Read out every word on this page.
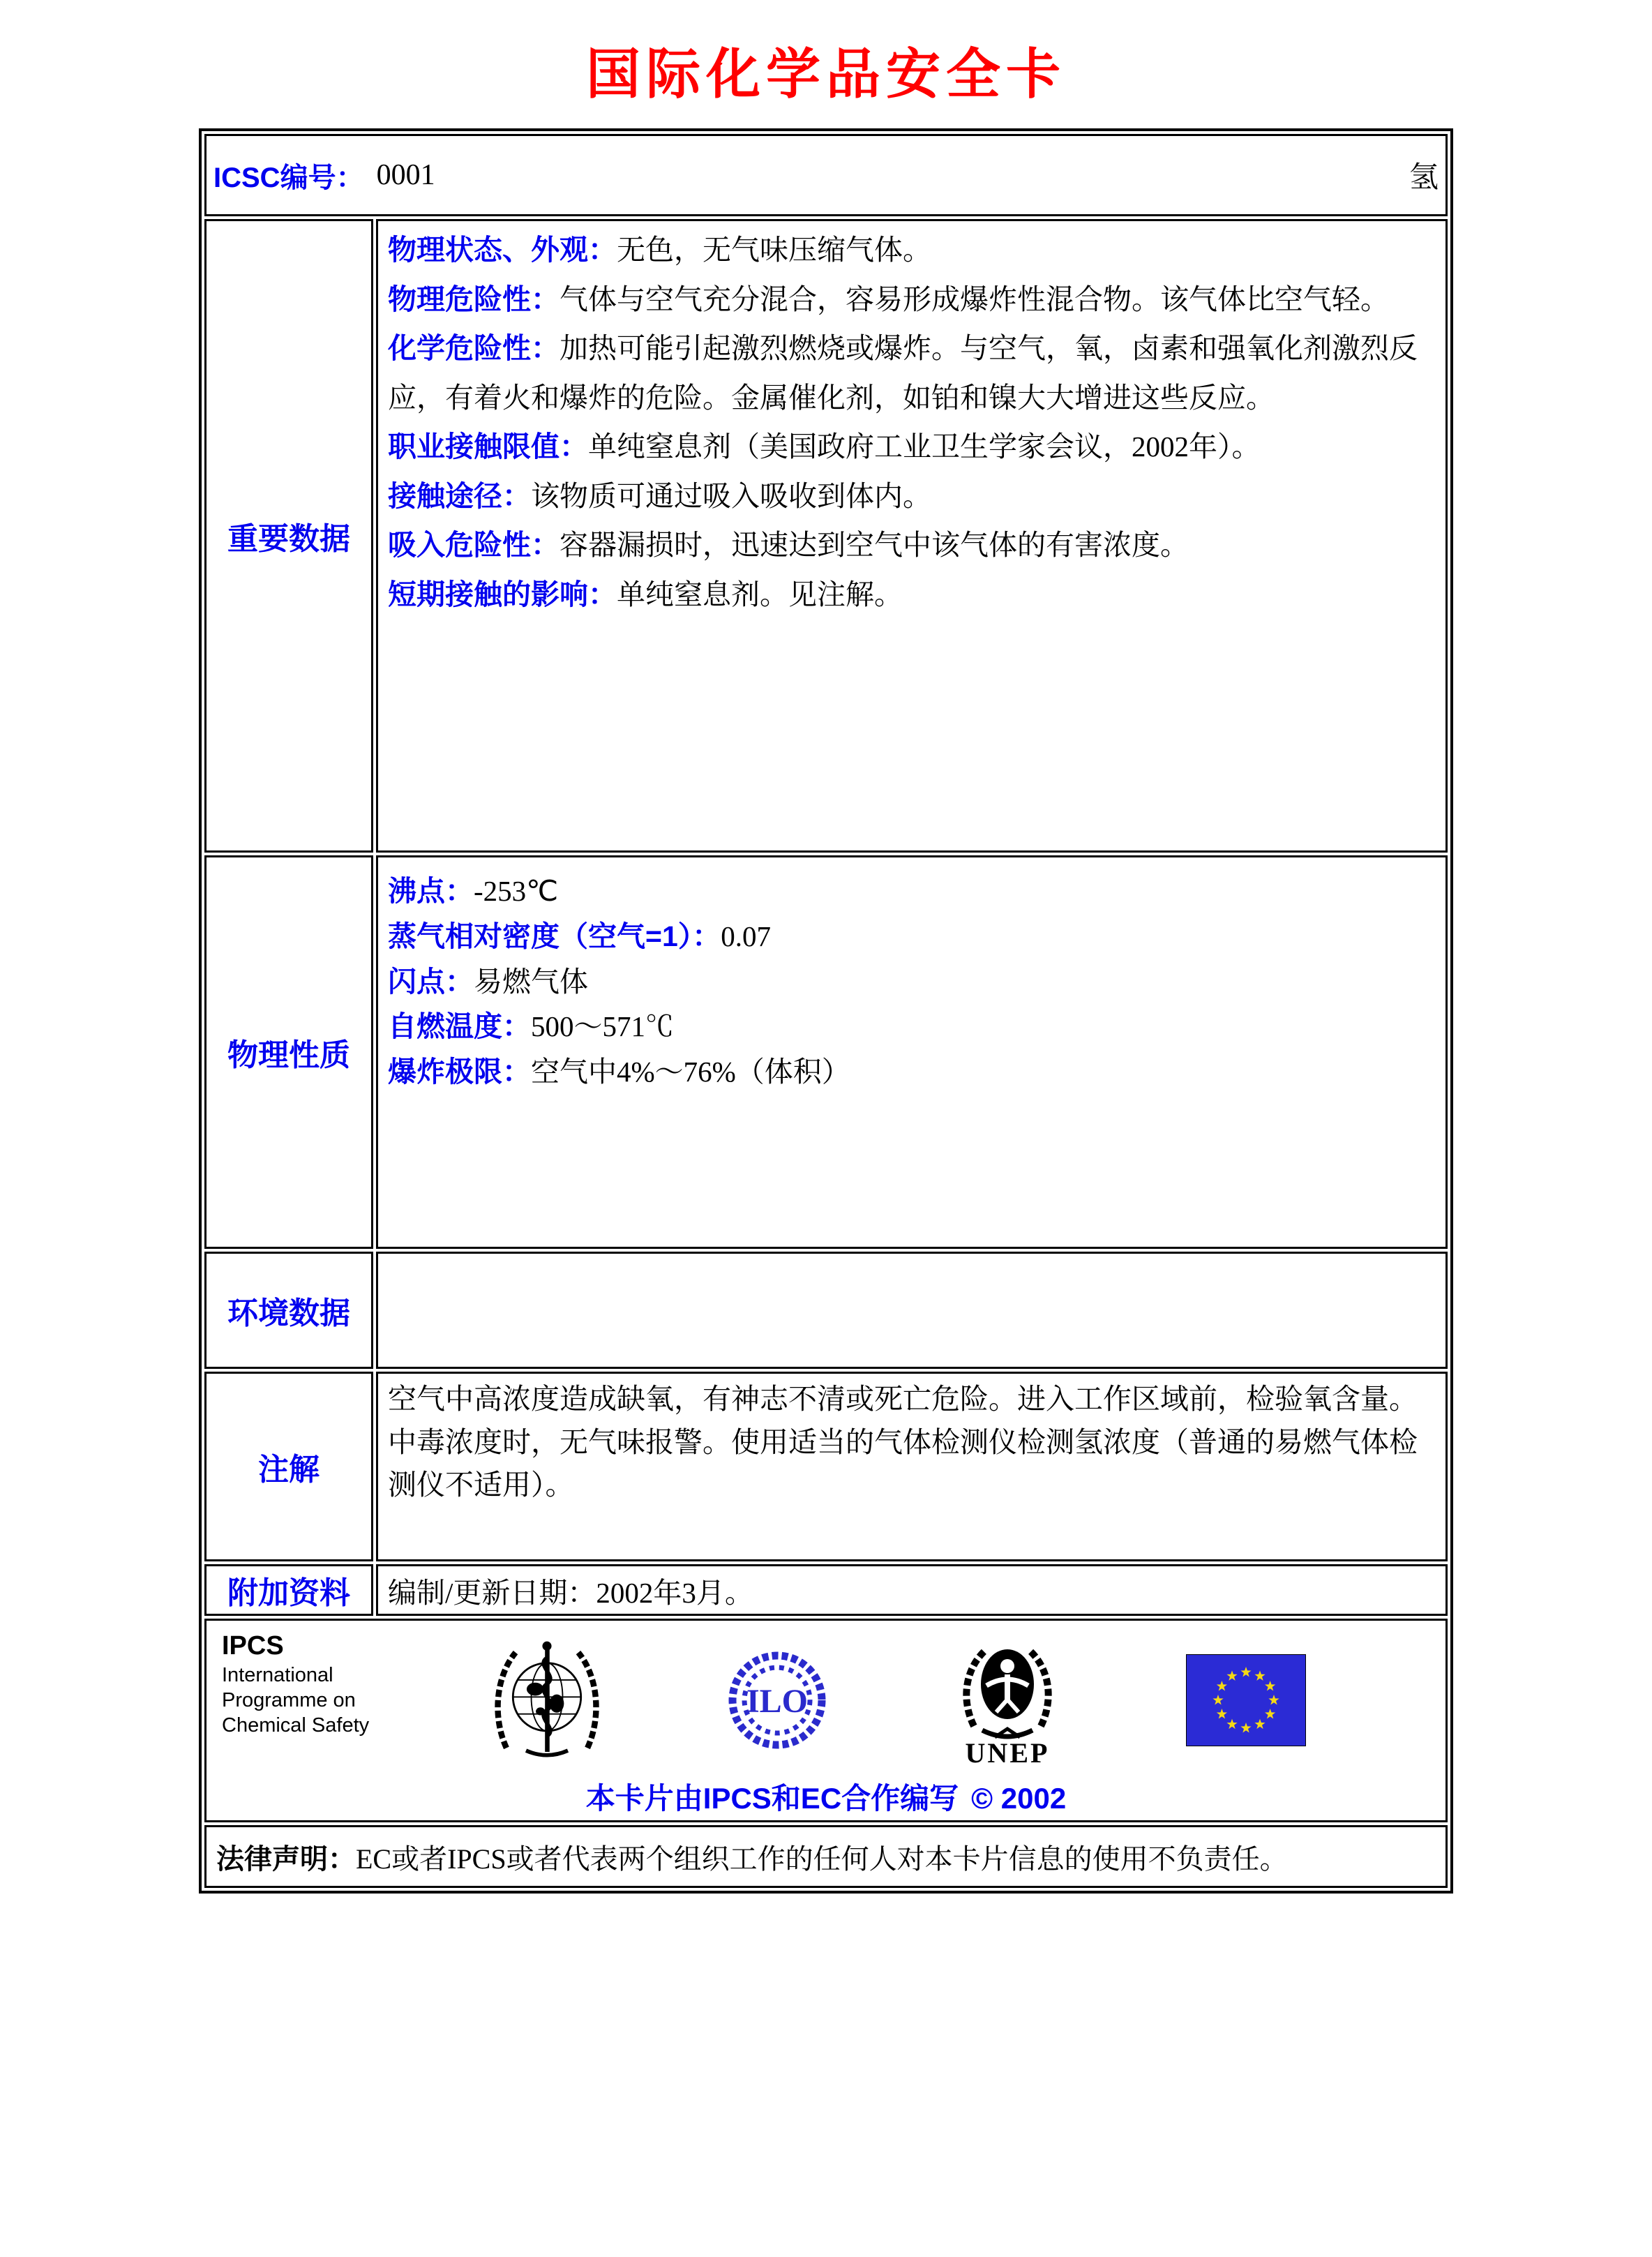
国际化学品安全卡
ICSC编号： 0001	氢
重要数据

物理状态、外观：无色，无气味压缩气体。

物理危险性：气体与空气充分混合，容易形成爆炸性混合物。该气体比空气轻。

化学危险性：加热可能引起激烈燃烧或爆炸。与空气，氧，卤素和强氧化剂激烈反应，有着火和爆炸的危险。金属催化剂，如铂和镍大大增进这些反应。

职业接触限值：单纯窒息剂（美国政府工业卫生学家会议，2002年）。

接触途径：该物质可通过吸入吸收到体内。

吸入危险性：容器漏损时，迅速达到空气中该气体的有害浓度。

短期接触的影响：单纯窒息剂。见注解。

物理性质

沸点：-253℃

蒸气相对密度（空气=1）：0.07

闪点：易燃气体

自燃温度：500～571℃

爆炸极限：空气中4%～76%（体积）

环境数据

注解

空气中高浓度造成缺氧，有神志不清或死亡危险。进入工作区域前，检验氧含量。中毒浓度时，无气味报警。使用适当的气体检测仪检测氢浓度（普通的易燃气体检测仪不适用）。

附加资料 编制/更新日期： 2002年3月。
IPCS
International
Programme on
Chemical Safety
ILO
UNEP
本卡片由IPCS和EC合作编写 © 2002
法律声明： EC或者IPCS或者代表两个组织工作的任何人对本卡片信息的使用不负责任。
